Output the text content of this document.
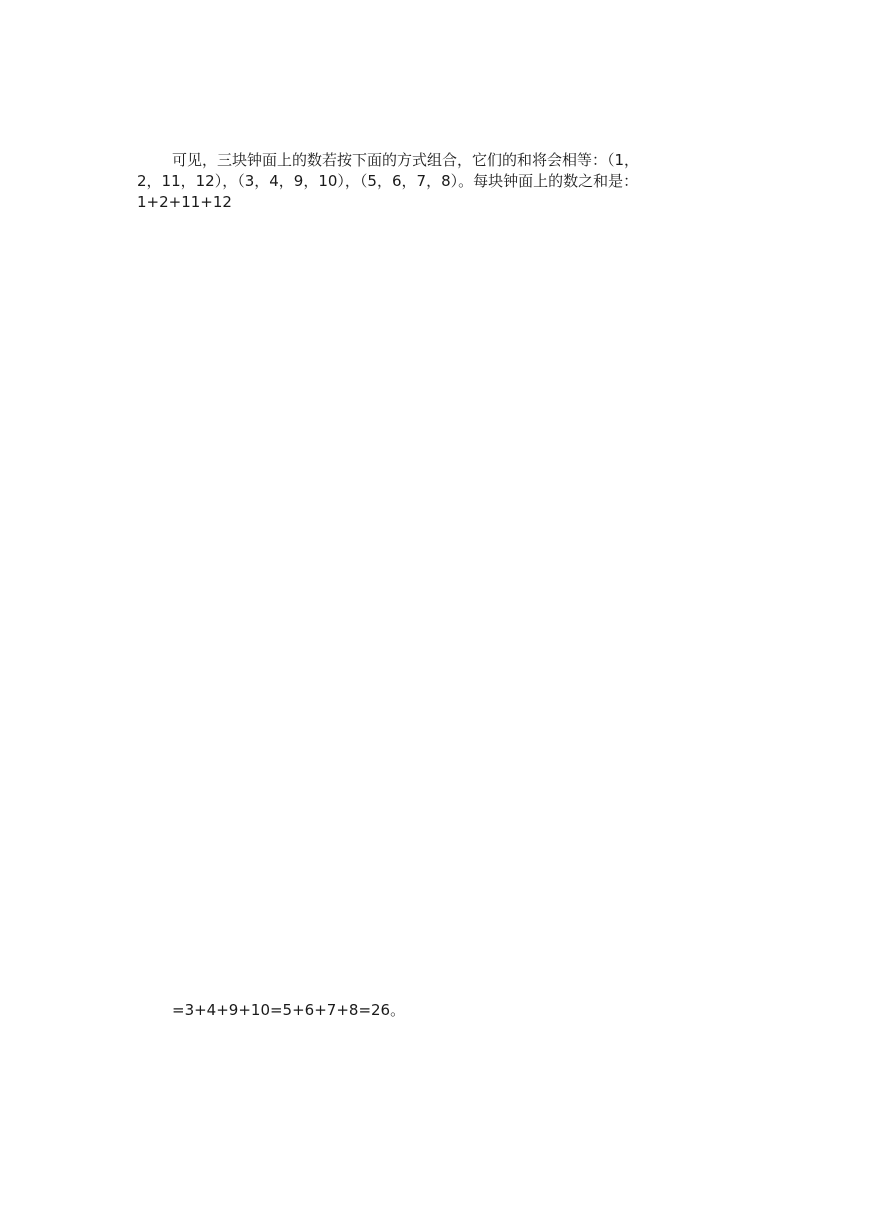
可见，三块钟面上的数若按下面的方式组合，它们的和将会相等：（1，
2，11，12），（3，4，9，10），（5，6，7，8）。每块钟面上的数之和是：
1+2+11+12
=3+4+9+10=5+6+7+8=26。
